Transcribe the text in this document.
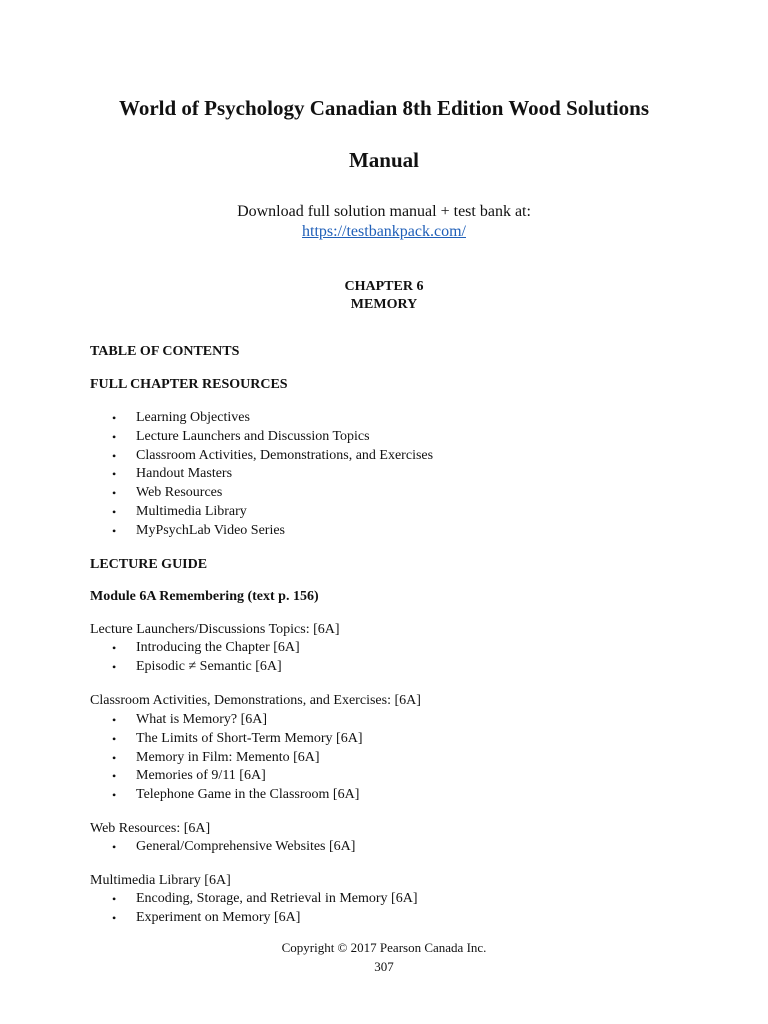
World of Psychology Canadian 8th Edition Wood Solutions
Manual
Download full solution manual + test bank at:
https://testbankpack.com/
CHAPTER 6
MEMORY
TABLE OF CONTENTS
FULL CHAPTER RESOURCES
• Learning Objectives
• Lecture Launchers and Discussion Topics
• Classroom Activities, Demonstrations, and Exercises
• Handout Masters
• Web Resources
• Multimedia Library
• MyPsychLab Video Series
LECTURE GUIDE
Module 6A Remembering (text p. 156)
Lecture Launchers/Discussions Topics: [6A]
• Introducing the Chapter [6A]
• Episodic ≠ Semantic [6A]
Classroom Activities, Demonstrations, and Exercises: [6A]
• What is Memory? [6A]
• The Limits of Short-Term Memory [6A]
• Memory in Film: Memento [6A]
• Memories of 9/11 [6A]
• Telephone Game in the Classroom [6A]
Web Resources: [6A]
• General/Comprehensive Websites [6A]
Multimedia Library [6A]
• Encoding, Storage, and Retrieval in Memory [6A]
• Experiment on Memory [6A]
Copyright © 2017 Pearson Canada Inc.
307
